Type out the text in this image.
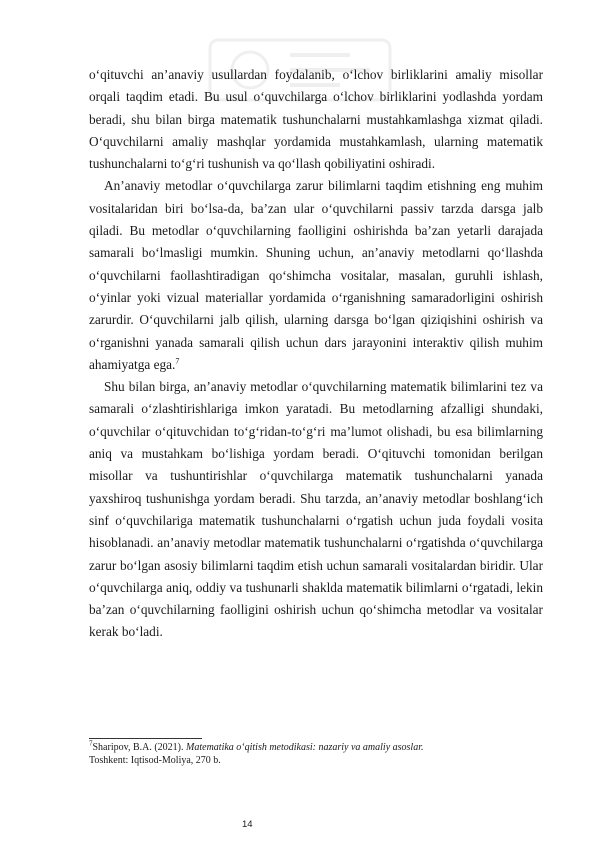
o‘qituvchi an’anaviy usullardan foydalanib, o‘lchov birliklarini amaliy misollar orqali taqdim etadi. Bu usul o‘quvchilarga o‘lchov birliklarini yodlashda yordam beradi, shu bilan birga matematik tushunchalarni mustahkamlashga xizmat qiladi. O‘quvchilarni amaliy mashqlar yordamida mustahkamlash, ularning matematik tushunchalarni to‘g‘ri tushunish va qo‘llash qobiliyatini oshiradi.

An’anaviy metodlar o‘quvchilarga zarur bilimlarni taqdim etishning eng muhim vositalaridan biri bo‘lsa-da, ba’zan ular o‘quvchilarni passiv tarzda darsga jalb qiladi. Bu metodlar o‘quvchilarning faolligini oshirishda ba’zan yetarli darajada samarali bo‘lmasligi mumkin. Shuning uchun, an’anaviy metodlarni qo‘llashda o‘quvchilarni faollashtiradigan qo‘shimcha vositalar, masalan, guruhli ishlash, o‘yinlar yoki vizual materiallar yordamida o‘rganishning samaradorligini oshirish zarurdir. O‘quvchilarni jalb qilish, ularning darsga bo‘lgan qiziqishini oshirish va o‘rganishni yanada samarali qilish uchun dars jarayonini interaktiv qilish muhim ahamiyatga ega.$^7$

Shu bilan birga, an’anaviy metodlar o‘quvchilarning matematik bilimlarini tez va samarali o‘zlashtirishlariga imkon yaratadi. Bu metodlarning afzalligi shundaki, o‘quvchilar o‘qituvchidan to‘g‘ridan-to‘g‘ri ma’lumot olishadi, bu esa bilimlarning aniq va mustahkam bo‘lishiga yordam beradi. O‘qituvchi tomonidan berilgan misollar va tushuntirishlar o‘quvchilarga matematik tushunchalarni yanada yaxshiroq tushunishga yordam beradi. Shu tarzda, an’anaviy metodlar boshlang‘ich sinf o‘quvchilariga matematik tushunchalarni o‘rgatish uchun juda foydali vosita hisoblanadi. an’anaviy metodlar matematik tushunchalarni o‘rgatishda o‘quvchilarga zarur bo‘lgan asosiy bilimlarni taqdim etish uchun samarali vositalardan biridir. Ular o‘quvchilarga aniq, oddiy va tushunarli shaklda matematik bilimlarni o‘rgatadi, lekin ba’zan o‘quvchilarning faolligini oshirish uchun qo‘shimcha metodlar va vositalar kerak bo‘ladi.

$^7$Sharipov, B.A. (2021). Matematika o‘qitish metodikasi: nazariy va amaliy asoslar.
Toshkent: Iqtisod-Moliya, 270 b.
14
